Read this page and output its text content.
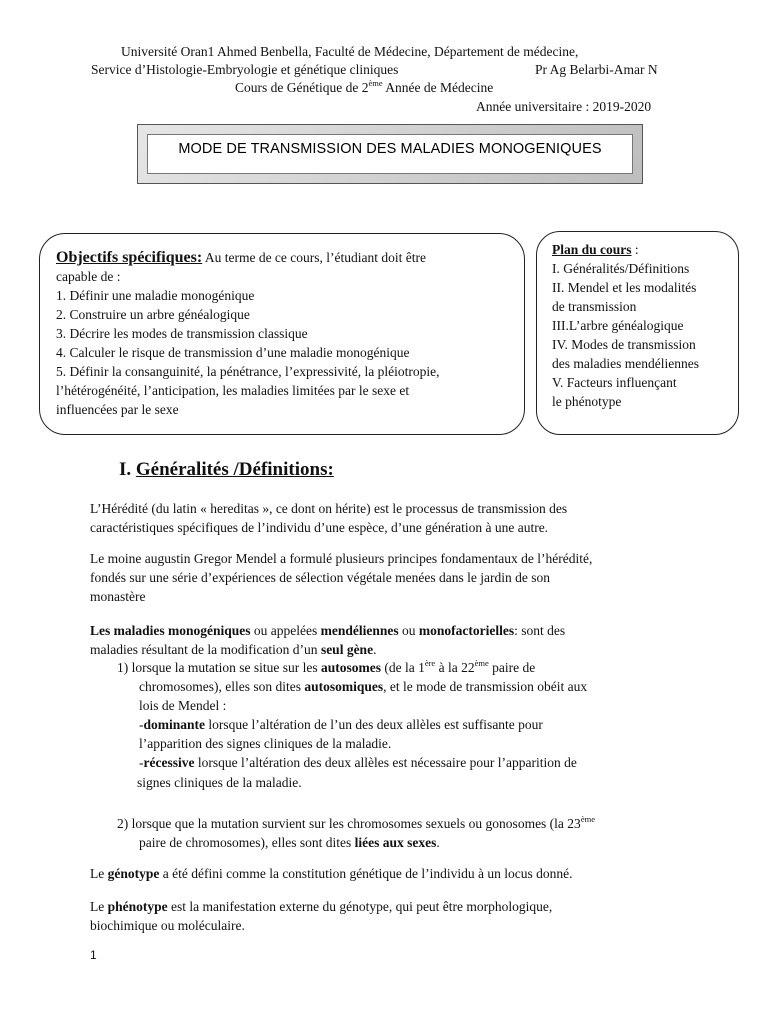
Université Oran1 Ahmed Benbella, Faculté de Médecine, Département de médecine,
Service d’Histologie-Embryologie et génétique cliniques	Pr Ag Belarbi-Amar N
Cours de Génétique de 2ème Année de Médecine
Année universitaire : 2019-2020
MODE DE TRANSMISSION DES MALADIES MONOGENIQUES
Objectifs spécifiques: Au terme de ce cours, l’étudiant doit être
capable de :
1. Définir une maladie monogénique
2. Construire un arbre généalogique
3. Décrire les modes de transmission classique
4. Calculer le risque de transmission d’une maladie monogénique
5. Définir la consanguinité, la pénétrance, l’expressivité, la pléiotropie,
l’hétérogénéité, l’anticipation, les maladies limitées par le sexe et
influencées par le sexe
Plan du cours :
I. Généralités/Définitions
II. Mendel et les modalités
de transmission
III.L’arbre généalogique
IV. Modes de transmission
des maladies mendéliennes
V. Facteurs influençant
le phénotype
I. Généralités /Définitions:
L’Hérédité (du latin « hereditas », ce dont on hérite) est le processus de transmission des
caractéristiques spécifiques de l’individu d’une espèce, d’une génération à une autre.
Le moine augustin Gregor Mendel a formulé plusieurs principes fondamentaux de l’hérédité,
fondés sur une série d’expériences de sélection végétale menées dans le jardin de son
monastère
Les maladies monogéniques ou appelées mendéliennes ou monofactorielles: sont des
maladies résultant de la modification d’un seul gène.
1) lorsque la mutation se situe sur les autosomes (de la 1ère à la 22ème paire de
chromosomes), elles son dites autosomiques, et le mode de transmission obéit aux
lois de Mendel :
-dominante lorsque l’altération de l’un des deux allèles est suffisante pour
l’apparition des signes cliniques de la maladie.
-récessive lorsque l’altération des deux allèles est nécessaire pour l’apparition de
signes cliniques de la maladie.
2) lorsque que la mutation survient sur les chromosomes sexuels ou gonosomes (la 23ème
paire de chromosomes), elles sont dites liées aux sexes.
Le génotype a été défini comme la constitution génétique de l’individu à un locus donné.
Le phénotype est la manifestation externe du génotype, qui peut être morphologique,
biochimique ou moléculaire.
1
